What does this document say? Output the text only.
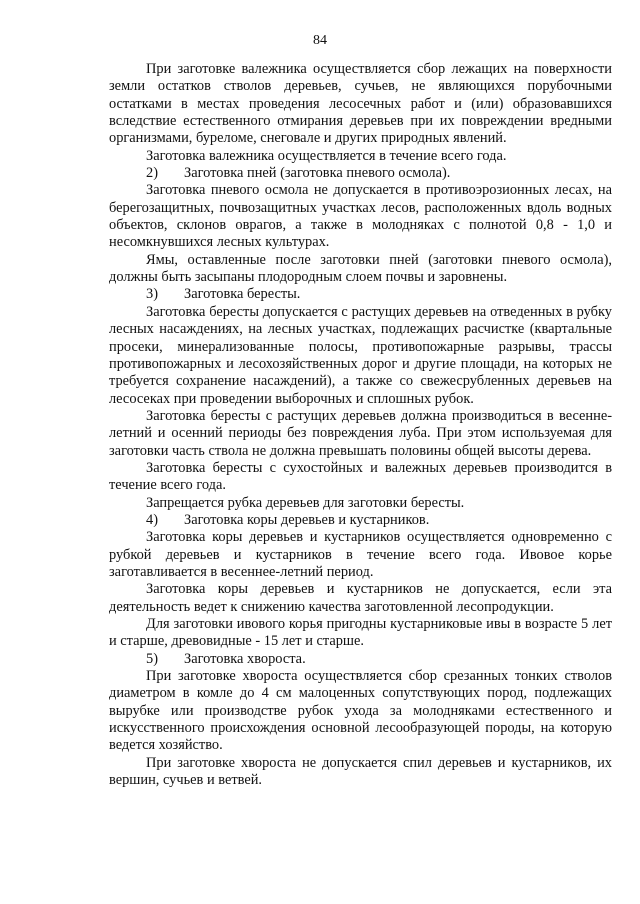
84

При заготовке валежника осуществляется сбор лежащих на поверхности земли остатков стволов деревьев, сучьев, не являющихся порубочными остатками в местах проведения лесосечных работ и (или) образовавшихся вследствие естественного отмирания деревьев при их повреждении вредными организмами, буреломе, снеговале и других природных явлений.

Заготовка валежника осуществляется в течение всего года.

2) Заготовка пней (заготовка пневого осмола).

Заготовка пневого осмола не допускается в противоэрозионных лесах, на берегозащитных, почвозащитных участках лесов, расположенных вдоль водных объектов, склонов оврагов, а также в молодняках с полнотой 0,8 - 1,0 и несомкнувшихся лесных культурах.

Ямы, оставленные после заготовки пней (заготовки пневого осмола), должны быть засыпаны плодородным слоем почвы и заровнены.

3) Заготовка бересты.

Заготовка бересты допускается с растущих деревьев на отведенных в рубку лесных насаждениях, на лесных участках, подлежащих расчистке (квартальные просеки, минерализованные полосы, противопожарные разрывы, трассы противопожарных и лесохозяйственных дорог и другие площади, на которых не требуется сохранение насаждений), а также со свежесрубленных деревьев на лесосеках при проведении выборочных и сплошных рубок.

Заготовка бересты с растущих деревьев должна производиться в весенне-летний и осенний периоды без повреждения луба. При этом используемая для заготовки часть ствола не должна превышать половины общей высоты дерева.

Заготовка бересты с сухостойных и валежных деревьев производится в течение всего года.

Запрещается рубка деревьев для заготовки бересты.

4) Заготовка коры деревьев и кустарников.

Заготовка коры деревьев и кустарников осуществляется одновременно с рубкой деревьев и кустарников в течение всего года. Ивовое корье заготавливается в весеннее-летний период.

Заготовка коры деревьев и кустарников не допускается, если эта деятельность ведет к снижению качества заготовленной лесопродукции.

Для заготовки ивового корья пригодны кустарниковые ивы в возрасте 5 лет и старше, древовидные - 15 лет и старше.

5) Заготовка хвороста.

При заготовке хвороста осуществляется сбор срезанных тонких стволов диаметром в комле до 4 см малоценных сопутствующих пород, подлежащих вырубке или производстве рубок ухода за молодняками естественного и искусственного происхождения основной лесообразующей породы, на которую ведется хозяйство.

При заготовке хвороста не допускается спил деревьев и кустарников, их вершин, сучьев и ветвей.
